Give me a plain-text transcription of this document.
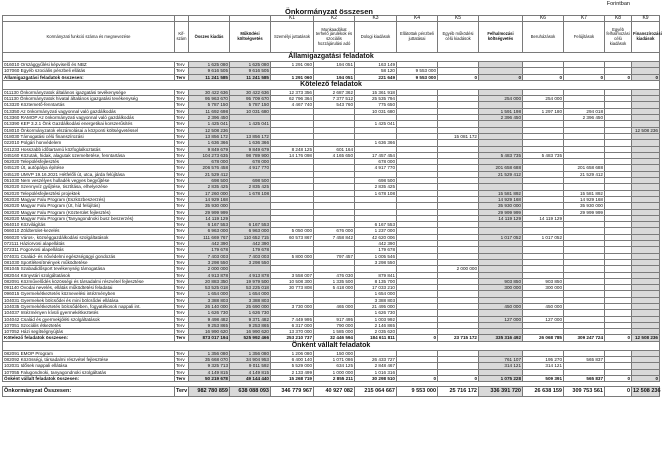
Forintban
Önkormányzat összesen
				K1	K2	K3	K4	K5		K6	K7	K8	K9
Kormányzati funkció száma és megnevezése	Kif-szám	Összes kiadás	Működési költségvetés	Személyi juttatások	Munkaadókat terhelő járulékok és szociális hozzájárulási adó	Dologi kiadások	Ellátottak pénzbeli juttatásai	Egyéb működési célú kiadások	Felhalmozási költségvetés	Beruházások	Felújítások	Egyéb felhalmozási célú kiadások	Finanszírozási kiadások
Államigazgatási feladatok													
016010 Országgyűlési képviselő és NBZ	Terv	1 625 080	1 625 080	1 291 060	194 051	163 149							
107060 Egyéb szociális pénzbeli ellátás	Terv	9 616 505	9 616 505			58 120	9 553 000						
Államigazgatási feladatok összesen:	Terv	11 241 585	11 241 585	1 291 060	194 051	221 649	9 553 000	0	0	0	0	0	0
Kötelező feladatok													
011130 Önkormányzatok általános igazgatási tevékenysége	Terv	30 422 636	30 422 636	12 373 356	2 687 362	15 361 918							
011130 Önkormányzatok hivatal általános igazgatási tevékenység	Terv	95 963 670	95 709 670	62 796 364	7 377 512	25 535 794			254 000	254 000			
013320 Köztemető-fenntartás	Terv	5 787 150	5 787 150	4 467 740	543 760	775 650							
013350 Az önkormányzati vagyonnal való gazdálkodás	Terv	11 692 698	10 031 680			10 031 680			1 591 198	1 297 180	294 018		
013360 RAMOP Az önkormányzati vagyonnal való gazdálkodás	Terv	2 396 450							2 396 450		2 396 450		
013390 KEP 3.2.1 Önk Gazdálkodási energetikai korszerűsítés	Terv	1 425 041	1 425 041			1 425 041							
018010 Önkormányzatok elszámolásai a központi költségvetéssel	Terv	12 508 236											12 508 236
018030 Támogatási célú finanszírozási	Terv	13 856 172	13 856 172					15 081 172					
022010 Polgári honvédelem	Terv	1 636 366	1 636 366			1 636 366							
041233 Hosszabb időtartamú közfoglalkoztatás	Terv	9 849 679	9 849 679	8 248 125	601 164								
045160 Közutak, hidak, alagutak üzemeltetése, fenntartása	Terv	104 273 635	98 789 900	14 176 098	4 165 650	17 457 454			5 483 735	5 483 735			
062020 Településfejlesztés	Terv	678 000	678 000			678 000							
045120 Út, autópálya építése	Terv	206 576 458	4 917 770			4 917 770			201 658 688		201 658 688		
045120 UMVP 19.16.2021 Hétfelőli út, utca, járda felújítása	Terv	21 529 412							21 529 412		21 529 412		
051030 Nem veszélyes hulladék vegyes begyűjtése	Terv	698 500	698 500			698 500							
052020 Szennyvíz gyűjtése, tisztítása, elhelyezése	Terv	2 835 425	2 835 425			2 835 425							
062020 Településfejlesztési projektek	Terv	17 260 000	1 678 108			1 678 108			15 581 892		15 581 892		
062020 Magyar Falu Program (Eszközbeszerzés)	Terv	14 929 168							14 929 168		14 929 168		
062020 Magyar Falu Program (Út, híd felújítás)	Terv	35 930 000							35 930 000		35 930 000		
062020 Magyar Falu Program (Közterület fejlesztés)	Terv	29 999 999							29 999 999		29 999 999		
062020 Magyar Falu Program (Tanyagondnoki busz beszerzés)	Terv	14 119 129							14 119 129	14 119 129			
064010 Közvilágítás	Terv	6 167 553	6 167 553			6 167 553							
066010 Zöldterület-kezelés	Terv	6 963 000	6 963 000	5 050 000	676 000	1 237 000							
066020 Város-, községgazdálkodási szolgáltatások	Terv	111 669 767	110 652 715	60 573 867	7 458 842	42 620 006			1 017 052	1 017 052			
072111 Háziorvosi alapellátás	Terv	442 390	442 390			442 390							
072311 Fogorvosi alapellátás	Terv	179 678	179 678			179 678							
074031 Család- és nővédelmi egészségügyi gondozás	Terv	7 403 003	7 403 003	5 800 000	797 457	1 005 546							
081030 Sportlétesítmények működtetése	Terv	3 298 550	3 298 550			3 298 550							
081045 Szabadidősport tevékenység támogatása	Terv	2 000 000						2 000 000					
082044 Könyvtári szolgáltatások	Terv	4 913 878	4 913 878	3 558 007	476 030	879 841							
082091 Közművelődés közösségi és társadalmi részvétel fejlesztése	Terv	20 883 350	19 979 500	10 508 300	1 335 500	8 135 700			903 850	903 850			
091140 Óvodai nevelés, ellátás működtetési feladatai	Terv	53 525 018	53 225 018	30 773 808	5 418 000	17 033 210			300 000	300 000			
096015 Gyermekétkeztetés köznevelési intézményben	Terv	1 654 000	1 654 000			1 654 000							
104031 Gyermekek bölcsődei és mini bölcsődei ellátása	Terv	3 388 803	3 388 803			3 388 803							
104035 Gyermekétkeztetés bölcsődében, fogyatékosok nappali int.	Terv	26 140 000	25 690 000	3 730 000	465 000	21 495 000			450 000	450 000			
104037 Intézményen kívüli gyermekétkeztetés	Terv	1 626 730	1 626 730			1 626 730							
104042 Család és gyermekjóléti szolgáltatások	Terv	9 498 482	9 371 482	7 449 995	917 495	1 003 992			127 000	127 000			
107051 Szociális étkeztetés	Terv	9 253 865	9 253 865	6 317 000	790 000	2 146 865							
107052 Házi segítségnyújtás	Terv	16 990 620	16 990 620	13 370 000	1 585 000	2 035 620							
Kötelező feladatok összesen:	Terv	873 017 194	525 992 466	253 210 737	32 446 594	184 611 811	0	23 715 172	335 316 492	26 068 785	309 247 724	0	12 508 236
Önként vállalt feladatok													
082091 EMOP Program	Terv	1 356 080	1 356 080	1 206 080	150 000								
082092 Közösségi, társadalmi részvétel fejlesztése	Terv	35 668 070	34 904 953	6 400 140	1 071 086	26 433 727			761 107	195 270	565 837		
102031 Idősek nappali ellátása	Terv	9 325 713	9 011 592	5 529 000	634 125	2 848 467			314 121	314 121			
107055 Falugondnoki, tanyagondnoki szolgáltatás	Terv	4 149 815	4 149 815	2 133 499	1 000 000	1 016 316							
Önként vállalt feladatok összesen:	Terv	50 219 678	49 144 440	15 268 719	2 855 211	30 298 510	0	0	1 075 228	509 391	565 837	0	0

Önkormányzat Összesen:	Terv	982 780 859	638 088 093	346 779 967	40 927 082	215 064 667	9 553 000	25 716 172	336 391 720	26 638 159	309 753 561	0	12 508 236
